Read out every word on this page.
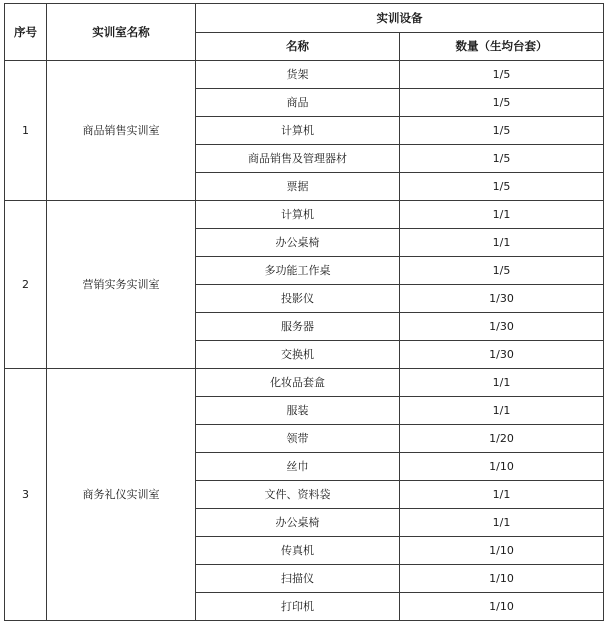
序号	实训室名称	实训设备	
		名称	数量（生均台套）
1	商品销售实训室	货架	1/5
		商品	1/5
		计算机	1/5
		商品销售及管理器材	1/5
		票据	1/5
2	营销实务实训室	计算机	1/1
		办公桌椅	1/1
		多功能工作桌	1/5
		投影仪	1/30
		服务器	1/30
		交换机	1/30
3	商务礼仪实训室	化妆品套盒	1/1
		服装	1/1
		领带	1/20
		丝巾	1/10
		文件、资料袋	1/1
		办公桌椅	1/1
		传真机	1/10
		扫描仪	1/10
		打印机	1/10
